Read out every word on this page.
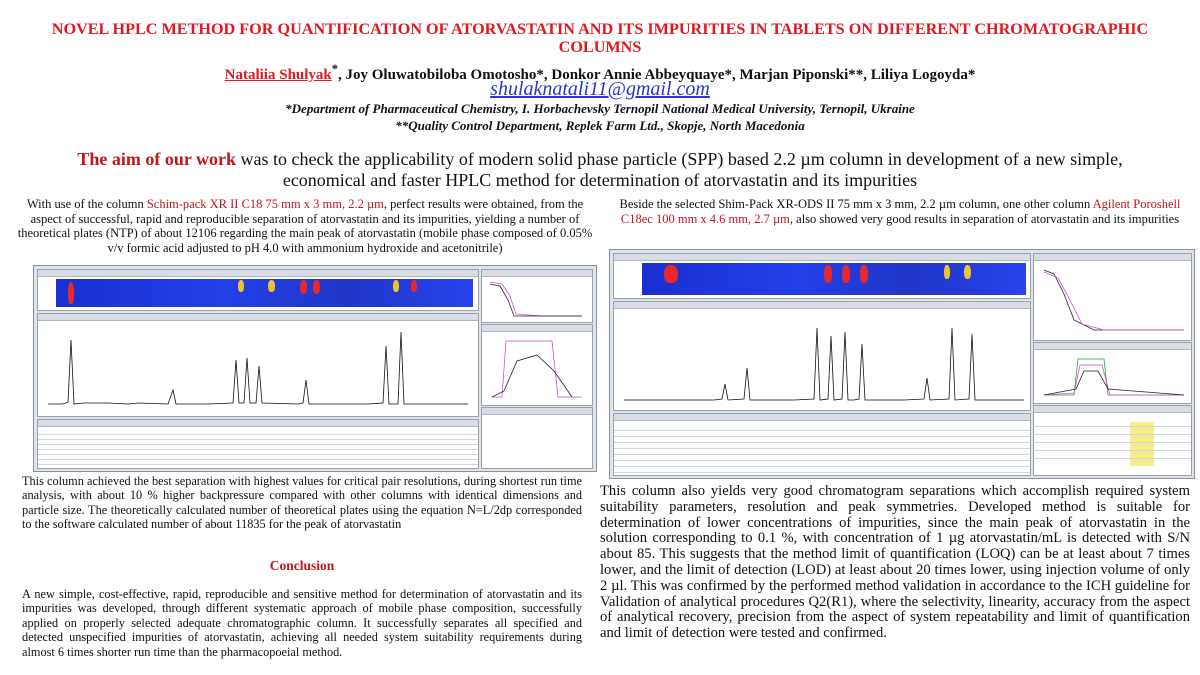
NOVEL HPLC METHOD FOR QUANTIFICATION OF ATORVASTATIN AND ITS IMPURITIES IN TABLETS ON DIFFERENT CHROMATOGRAPHIC COLUMNS
Nataliia Shulyak*, Joy Oluwatobiloba Omotosho*, Donkor Annie Abbeyquaye*, Marjan Piponski**, Liliya Logoyda*
shulaknatali11@gmail.com
*Department of Pharmaceutical Chemistry, I. Horbachevsky Ternopil National Medical University, Ternopil, Ukraine
**Quality Control Department, Replek Farm Ltd., Skopje, North Macedonia
The aim of our work was to check the applicability of modern solid phase particle (SPP) based 2.2 µm column in development of a new simple, economical and faster HPLC method for determination of atorvastatin and its impurities
With use of the column Schim-pack XR II C18 75 mm x 3 mm, 2.2 µm, perfect results were obtained, from the aspect of successful, rapid and reproducible separation of atorvastatin and its impurities, yielding a number of theoretical plates (NTP) of about 12106 regarding the main peak of atorvastatin (mobile phase composed of 0.05% v/v formic acid adjusted to pH 4.0 with ammonium hydroxide and acetonitrile)
This column achieved the best separation with highest values for critical pair resolutions, during shortest run time analysis, with about 10 % higher backpressure compared with other columns with identical dimensions and particle size. The theoretically calculated number of theoretical plates using the equation N=L/2dp corresponded to the software calculated number of about 11835 for the peak of atorvastatin
Conclusion
A new simple, cost-effective, rapid, reproducible and sensitive method for determination of atorvastatin and its impurities was developed, through different systematic approach of mobile phase composition, successfully applied on properly selected adequate chromatographic column. It successfully separates all specified and detected unspecified impurities of atorvastatin, achieving all needed system suitability requirements during almost 6 times shorter run time than the pharmacopoeial method.
Beside the selected Shim-Pack XR-ODS II 75 mm x 3 mm, 2.2 µm column, one other column Agilent Poroshell C18ec 100 mm x 4.6 mm, 2.7 µm, also showed very good results in separation of atorvastatin and its impurities
This column also yields very good chromatogram separations which accomplish required system suitability parameters, resolution and peak symmetries. Developed method is suitable for determination of lower concentrations of impurities, since the main peak of atorvastatin in the solution corresponding to 0.1 %, with concentration of 1 µg atorvastatin/mL is detected with S/N about 85. This suggests that the method limit of quantification (LOQ) can be at least about 7 times lower, and the limit of detection (LOD) at least about 20 times lower, using injection volume of only 2 µl. This was confirmed by the performed method validation in accordance to the ICH guideline for Validation of analytical procedures Q2(R1), where the selectivity, linearity, accuracy from the aspect of analytical recovery, precision from the aspect of system repeatability and limit of quantification and limit of detection were tested and confirmed.
